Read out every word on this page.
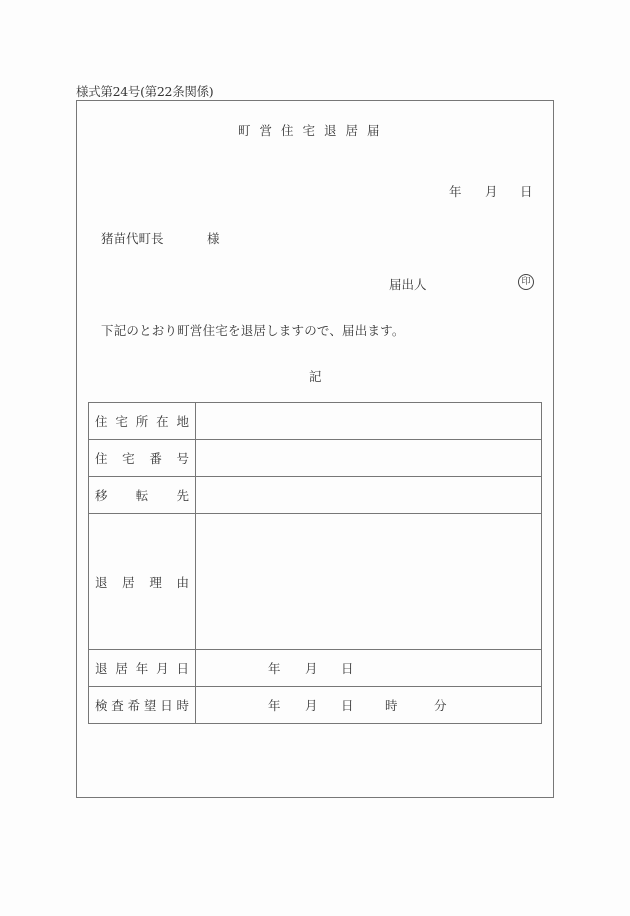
様式第24号(第22条関係)
町営住宅退居届
年 月 日
猪苗代町長	様
届出人	印
下記のとおり町営住宅を退居しますので、届出ます。
記
住 宅 所 在 地	

住 宅 番 号	

移 転 先	

退 居 理 由	

退 居 年 月 日	年 月 日

検 査 希 望 日 時	年 月 日	時	分
